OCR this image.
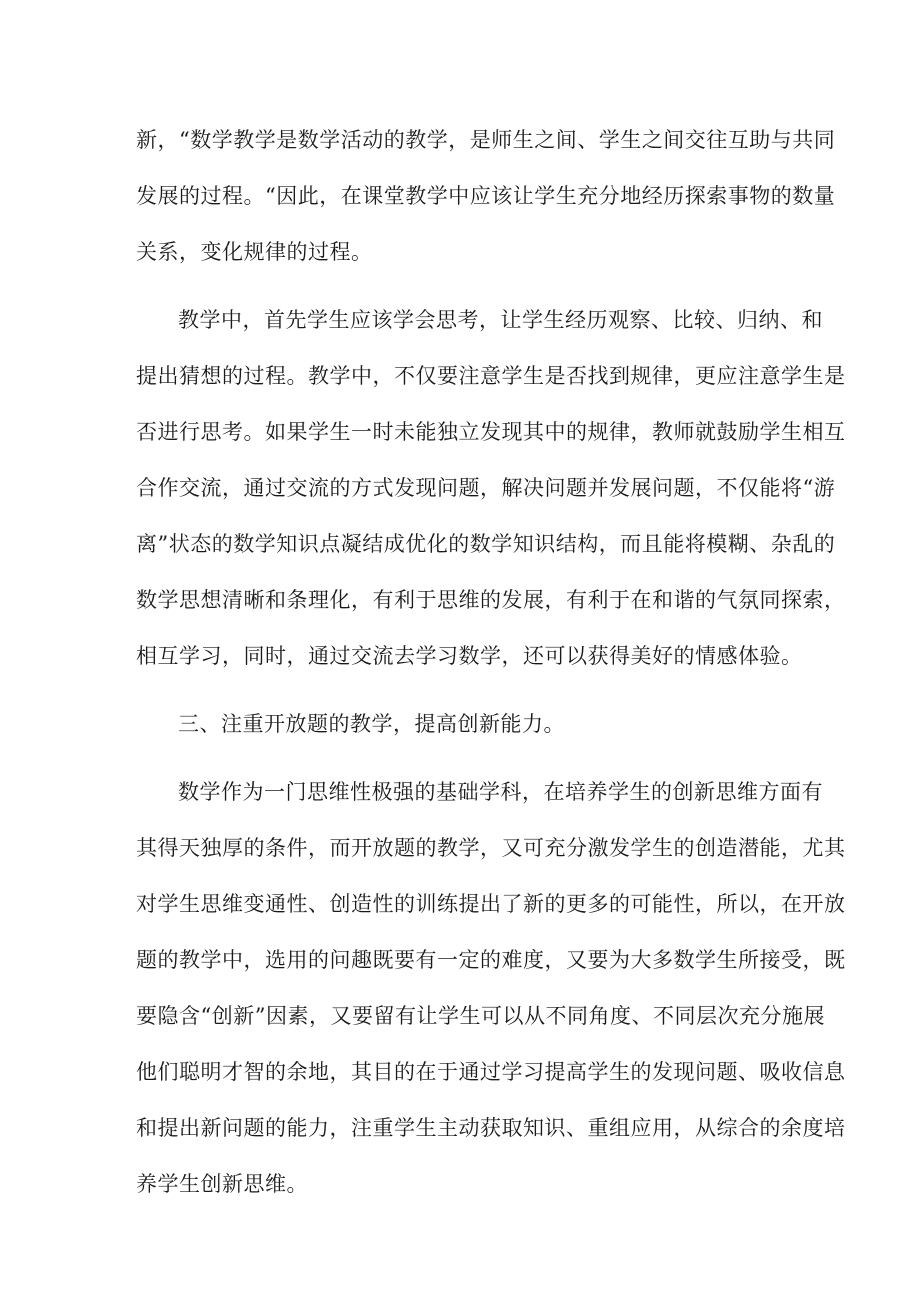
新，“数学教学是数学活动的教学，是师生之间、学生之间交往互助与共同
发展的过程。“因此，在课堂教学中应该让学生充分地经历探索事物的数量
关系，变化规律的过程。
教学中，首先学生应该学会思考，让学生经历观察、比较、归纳、和
提出猜想的过程。教学中，不仅要注意学生是否找到规律，更应注意学生是
否进行思考。如果学生一时未能独立发现其中的规律，教师就鼓励学生相互
合作交流，通过交流的方式发现问题，解决问题并发展问题，不仅能将“游
离”状态的数学知识点凝结成优化的数学知识结构，而且能将模糊、杂乱的
数学思想清晰和条理化，有利于思维的发展，有利于在和谐的气氛同探索，
相互学习，同时，通过交流去学习数学，还可以获得美好的情感体验。
三、注重开放题的教学，提高创新能力。
数学作为一门思维性极强的基础学科，在培养学生的创新思维方面有
其得天独厚的条件，而开放题的教学，又可充分激发学生的创造潜能，尤其
对学生思维变通性、创造性的训练提出了新的更多的可能性，所以，在开放
题的教学中，选用的问趣既要有一定的难度，又要为大多数学生所接受，既
要隐含“创新”因素，又要留有让学生可以从不同角度、不同层次充分施展
他们聪明才智的余地，其目的在于通过学习提高学生的发现问题、吸收信息
和提出新问题的能力，注重学生主动获取知识、重组应用，从综合的余度培
养学生创新思维。
